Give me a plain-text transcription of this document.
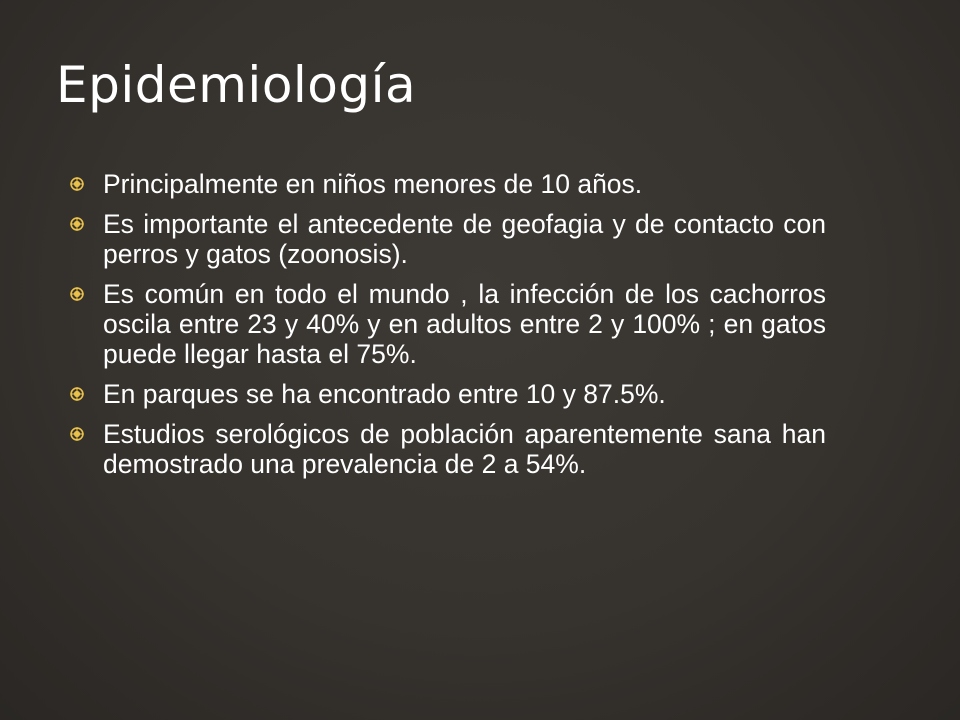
Epidemiología
Principalmente en niños menores de 10 años.
Es importante el antecedente de geofagia y de contacto con perros y gatos (zoonosis).
Es común en todo el mundo , la infección de los cachorros oscila entre 23 y 40% y en adultos entre 2 y 100% ; en gatos puede llegar hasta el 75%.
En parques se ha encontrado entre 10 y 87.5%.
Estudios serológicos de población aparentemente sana han demostrado una prevalencia de 2 a 54%.
